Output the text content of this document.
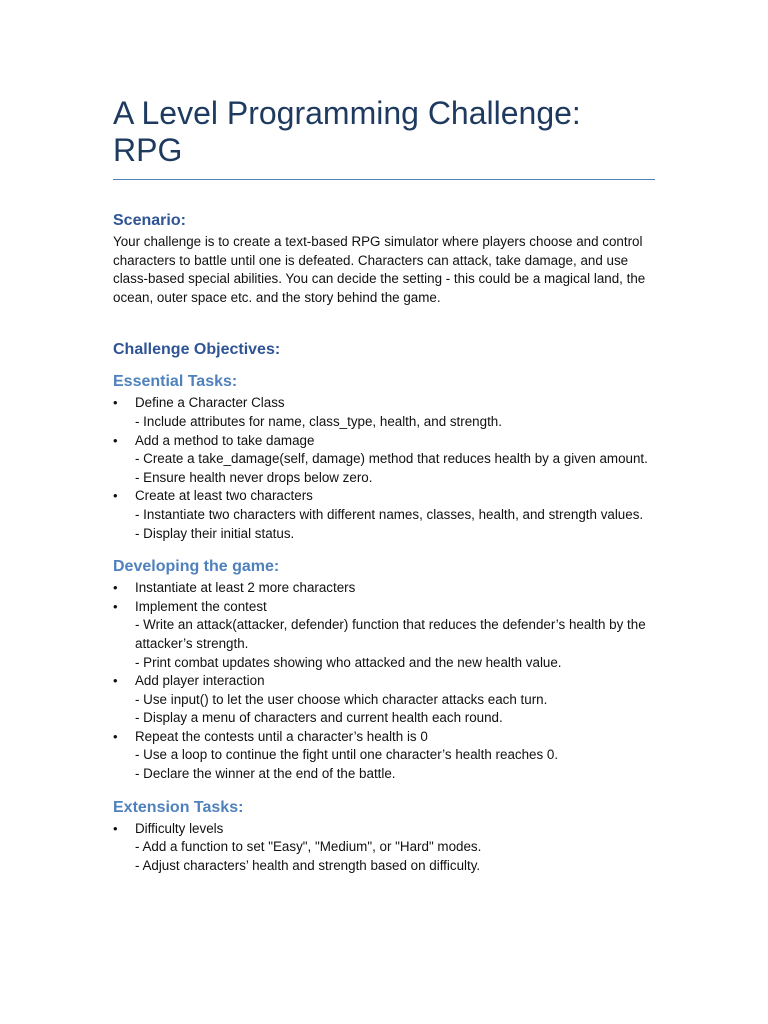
A Level Programming Challenge:
RPG
Scenario:

Your challenge is to create a text-based RPG simulator where players choose and control characters to battle until one is defeated. Characters can attack, take damage, and use class-based special abilities. You can decide the setting - this could be a magical land, the ocean, outer space etc. and the story behind the game.

Challenge Objectives:
Essential Tasks:
• Define a Character Class
- Include attributes for name, class_type, health, and strength.
• Add a method to take damage
- Create a take_damage(self, damage) method that reduces health by a given amount.
- Ensure health never drops below zero.
• Create at least two characters
- Instantiate two characters with different names, classes, health, and strength values.
- Display their initial status.
Developing the game:
• Instantiate at least 2 more characters
• Implement the contest
- Write an attack(attacker, defender) function that reduces the defender’s health by the attacker’s strength.
- Print combat updates showing who attacked and the new health value.
• Add player interaction
- Use input() to let the user choose which character attacks each turn.
- Display a menu of characters and current health each round.
• Repeat the contests until a character’s health is 0
- Use a loop to continue the fight until one character’s health reaches 0.
- Declare the winner at the end of the battle.
Extension Tasks:
• Difficulty levels
- Add a function to set "Easy", "Medium", or "Hard" modes.
- Adjust characters’ health and strength based on difficulty.
